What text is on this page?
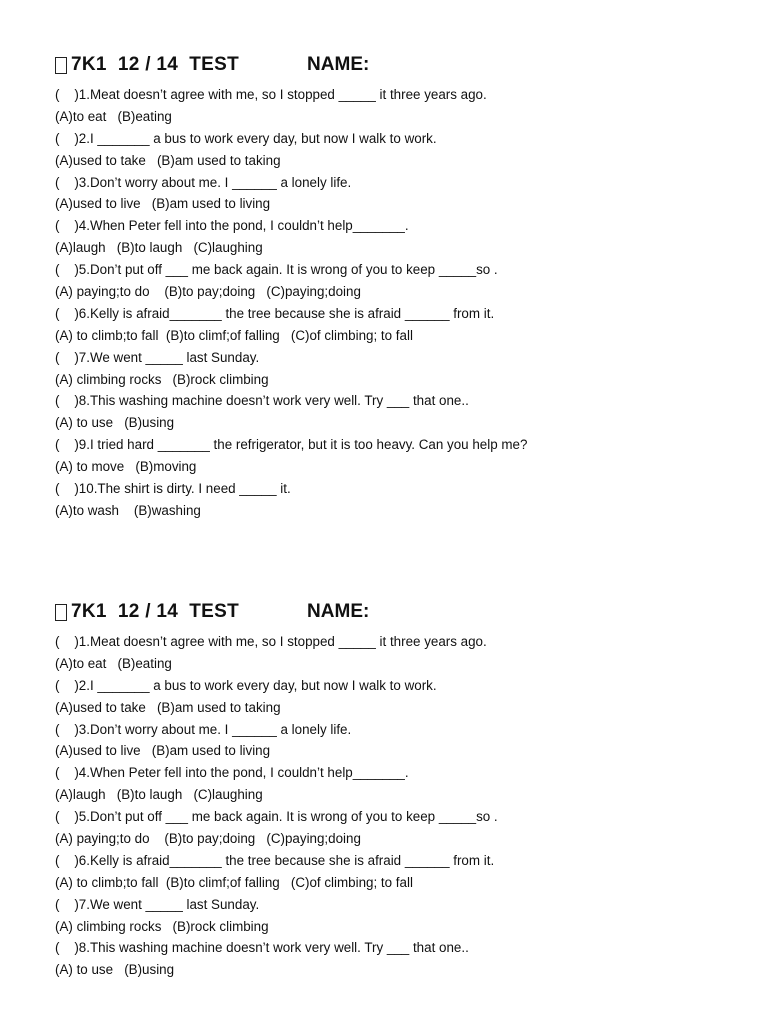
7K1  12 / 14  TEST	NAME:
(    )1.Meat doesn’t agree with me, so I stopped _____ it three years ago.
(A)to eat   (B)eating
(    )2.I _______ a bus to work every day, but now I walk to work.
(A)used to take   (B)am used to taking
(    )3.Don’t worry about me. I ______ a lonely life.
(A)used to live   (B)am used to living
(    )4.When Peter fell into the pond, I couldn’t help_______.
(A)laugh   (B)to laugh   (C)laughing
(    )5.Don’t put off ___ me back again. It is wrong of you to keep _____so .
(A) paying;to do    (B)to pay;doing   (C)paying;doing
(    )6.Kelly is afraid_______ the tree because she is afraid ______ from it.
(A) to climb;to fall  (B)to climf;of falling   (C)of climbing; to fall
(    )7.We went _____ last Sunday.
(A) climbing rocks   (B)rock climbing
(    )8.This washing machine doesn’t work very well. Try ___ that one..
(A) to use   (B)using
(    )9.I tried hard _______ the refrigerator, but it is too heavy. Can you help me?
(A) to move   (B)moving
(    )10.The shirt is dirty. I need _____ it.
(A)to wash    (B)washing
7K1  12 / 14  TEST	NAME:
(    )1.Meat doesn’t agree with me, so I stopped _____ it three years ago.
(A)to eat   (B)eating
(    )2.I _______ a bus to work every day, but now I walk to work.
(A)used to take   (B)am used to taking
(    )3.Don’t worry about me. I ______ a lonely life.
(A)used to live   (B)am used to living
(    )4.When Peter fell into the pond, I couldn’t help_______.
(A)laugh   (B)to laugh   (C)laughing
(    )5.Don’t put off ___ me back again. It is wrong of you to keep _____so .
(A) paying;to do    (B)to pay;doing   (C)paying;doing
(    )6.Kelly is afraid_______ the tree because she is afraid ______ from it.
(A) to climb;to fall  (B)to climf;of falling   (C)of climbing; to fall
(    )7.We went _____ last Sunday.
(A) climbing rocks   (B)rock climbing
(    )8.This washing machine doesn’t work very well. Try ___ that one..
(A) to use   (B)using
